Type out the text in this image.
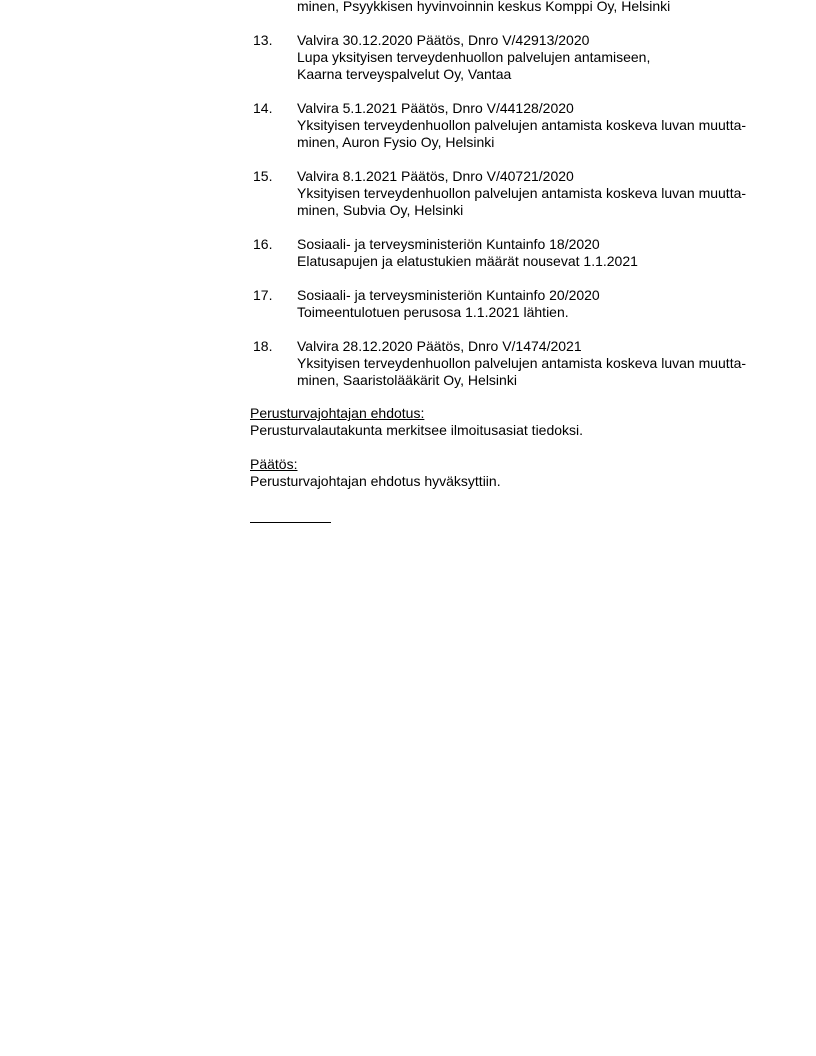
minen, Psyykkisen hyvinvoinnin keskus Komppi Oy, Helsinki
13.	Valvira 30.12.2020 Päätös, Dnro V/42913/2020
Lupa yksityisen terveydenhuollon palvelujen antamiseen,
Kaarna terveyspalvelut Oy, Vantaa
14.	Valvira 5.1.2021 Päätös, Dnro V/44128/2020
Yksityisen terveydenhuollon palvelujen antamista koskeva luvan muutta-
minen, Auron Fysio Oy, Helsinki
15.	Valvira 8.1.2021 Päätös, Dnro V/40721/2020
Yksityisen terveydenhuollon palvelujen antamista koskeva luvan muutta-
minen, Subvia Oy, Helsinki
16.	Sosiaali- ja terveysministeriön Kuntainfo 18/2020
Elatusapujen ja elatustukien määrät nousevat 1.1.2021
17.	Sosiaali- ja terveysministeriön Kuntainfo 20/2020
Toimeentulotuen perusosa 1.1.2021 lähtien.
18.	Valvira 28.12.2020 Päätös, Dnro V/1474/2021
Yksityisen terveydenhuollon palvelujen antamista koskeva luvan muutta-
minen, Saaristolääkärit Oy, Helsinki
Perusturvajohtajan ehdotus:
Perusturvalautakunta merkitsee ilmoitusasiat tiedoksi.
Päätös:
Perusturvajohtajan ehdotus hyväksyttiin.
